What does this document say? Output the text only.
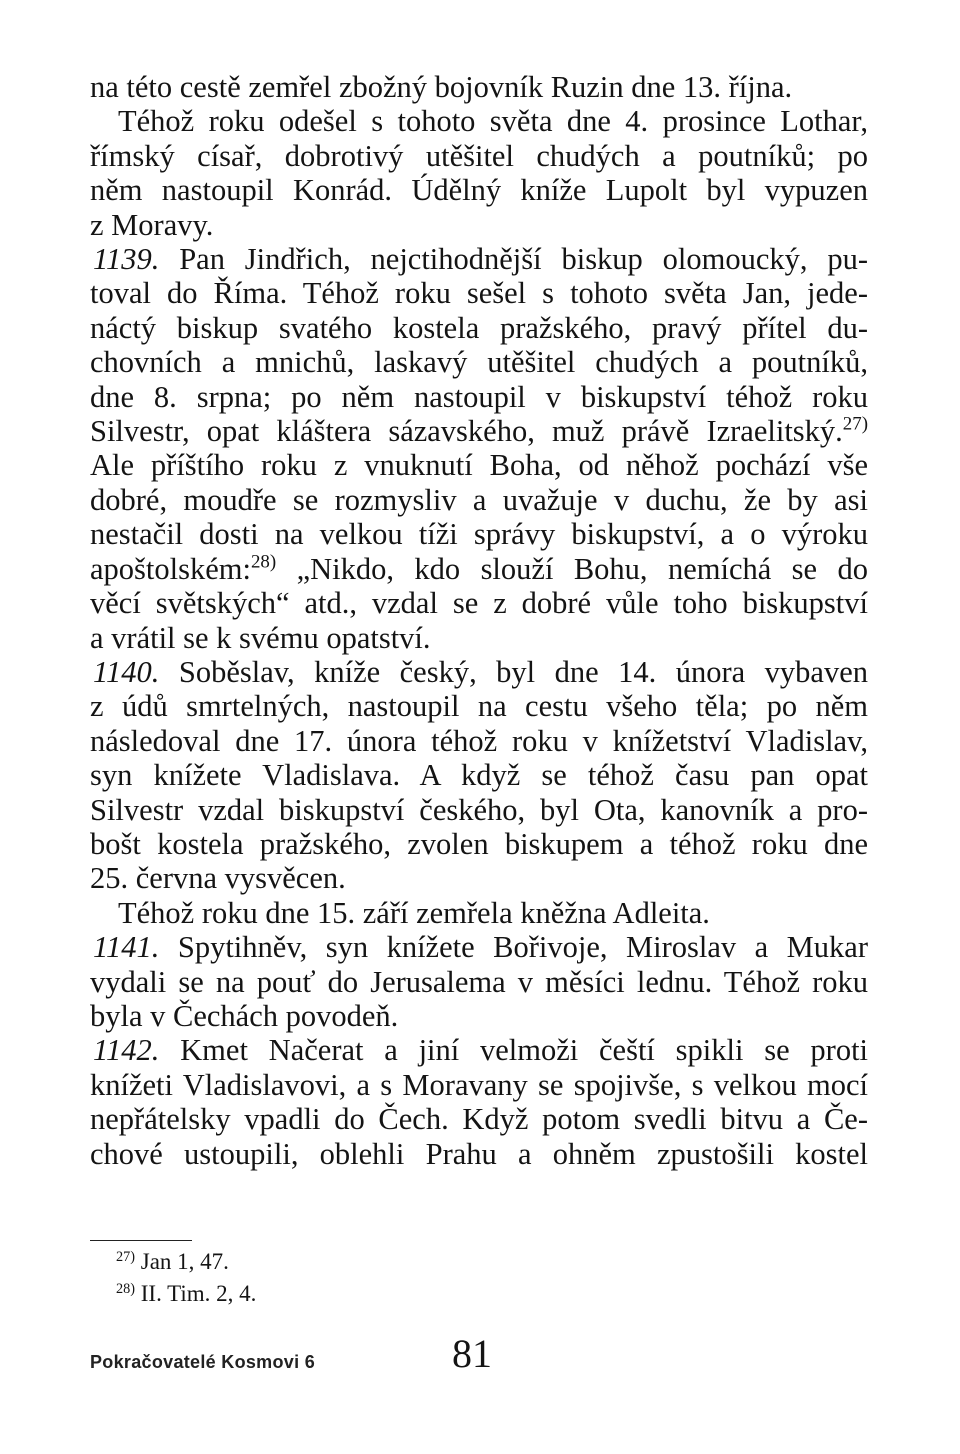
na této cestě zemřel zbožný bojovník Ruzin dne 13. října.
Téhož roku odešel s tohoto světa dne 4. prosince Lothar,
římský císař, dobrotivý utěšitel chudých a poutníků; po
něm nastoupil Konrád. Údělný kníže Lupolt byl vypuzen
z Moravy.
1139. Pan Jindřich, nejctihodnější biskup olomoucký, pu-
toval do Říma. Téhož roku sešel s tohoto světa Jan, jede-
náctý biskup svatého kostela pražského, pravý přítel du-
chovních a mnichů, laskavý utěšitel chudých a poutníků,
dne 8. srpna; po něm nastoupil v biskupství téhož roku
Silvestr, opat kláštera sázavského, muž právě Izraelitský.$^{27)}$
Ale příštího roku z vnuknutí Boha, od něhož pochází vše
dobré, moudře se rozmysliv a uvažuje v duchu, že by asi
nestačil dosti na velkou tíži správy biskupství, a o výroku
apoštolském:$^{28)}$ „Nikdo, kdo slouží Bohu, nemíchá se do
věcí světských“ atd., vzdal se z dobré vůle toho biskupství
a vrátil se k svému opatství.
1140. Soběslav, kníže český, byl dne 14. února vybaven
z údů smrtelných, nastoupil na cestu všeho těla; po něm
následoval dne 17. února téhož roku v knížetství Vladislav,
syn knížete Vladislava. A když se téhož času pan opat
Silvestr vzdal biskupství českého, byl Ota, kanovník a pro-
bošt kostela pražského, zvolen biskupem a téhož roku dne
25. června vysvěcen.
Téhož roku dne 15. září zemřela kněžna Adleita.
1141. Spytihněv, syn knížete Bořivoje, Miroslav a Mukar
vydali se na pouť do Jerusalema v měsíci lednu. Téhož roku
byla v Čechách povodeň.
1142. Kmet Načerat a jiní velmoži čeští spikli se proti
knížeti Vladislavovi, a s Moravany se spojivše, s velkou mocí
nepřátelsky vpadli do Čech. Když potom svedli bitvu a Če-
chové ustoupili, oblehli Prahu a ohněm zpustošili kostel
$^{27)}$ Jan 1, 47.
$^{28)}$ II. Tim. 2, 4.
Pokračovatelé Kosmovi 6	81
